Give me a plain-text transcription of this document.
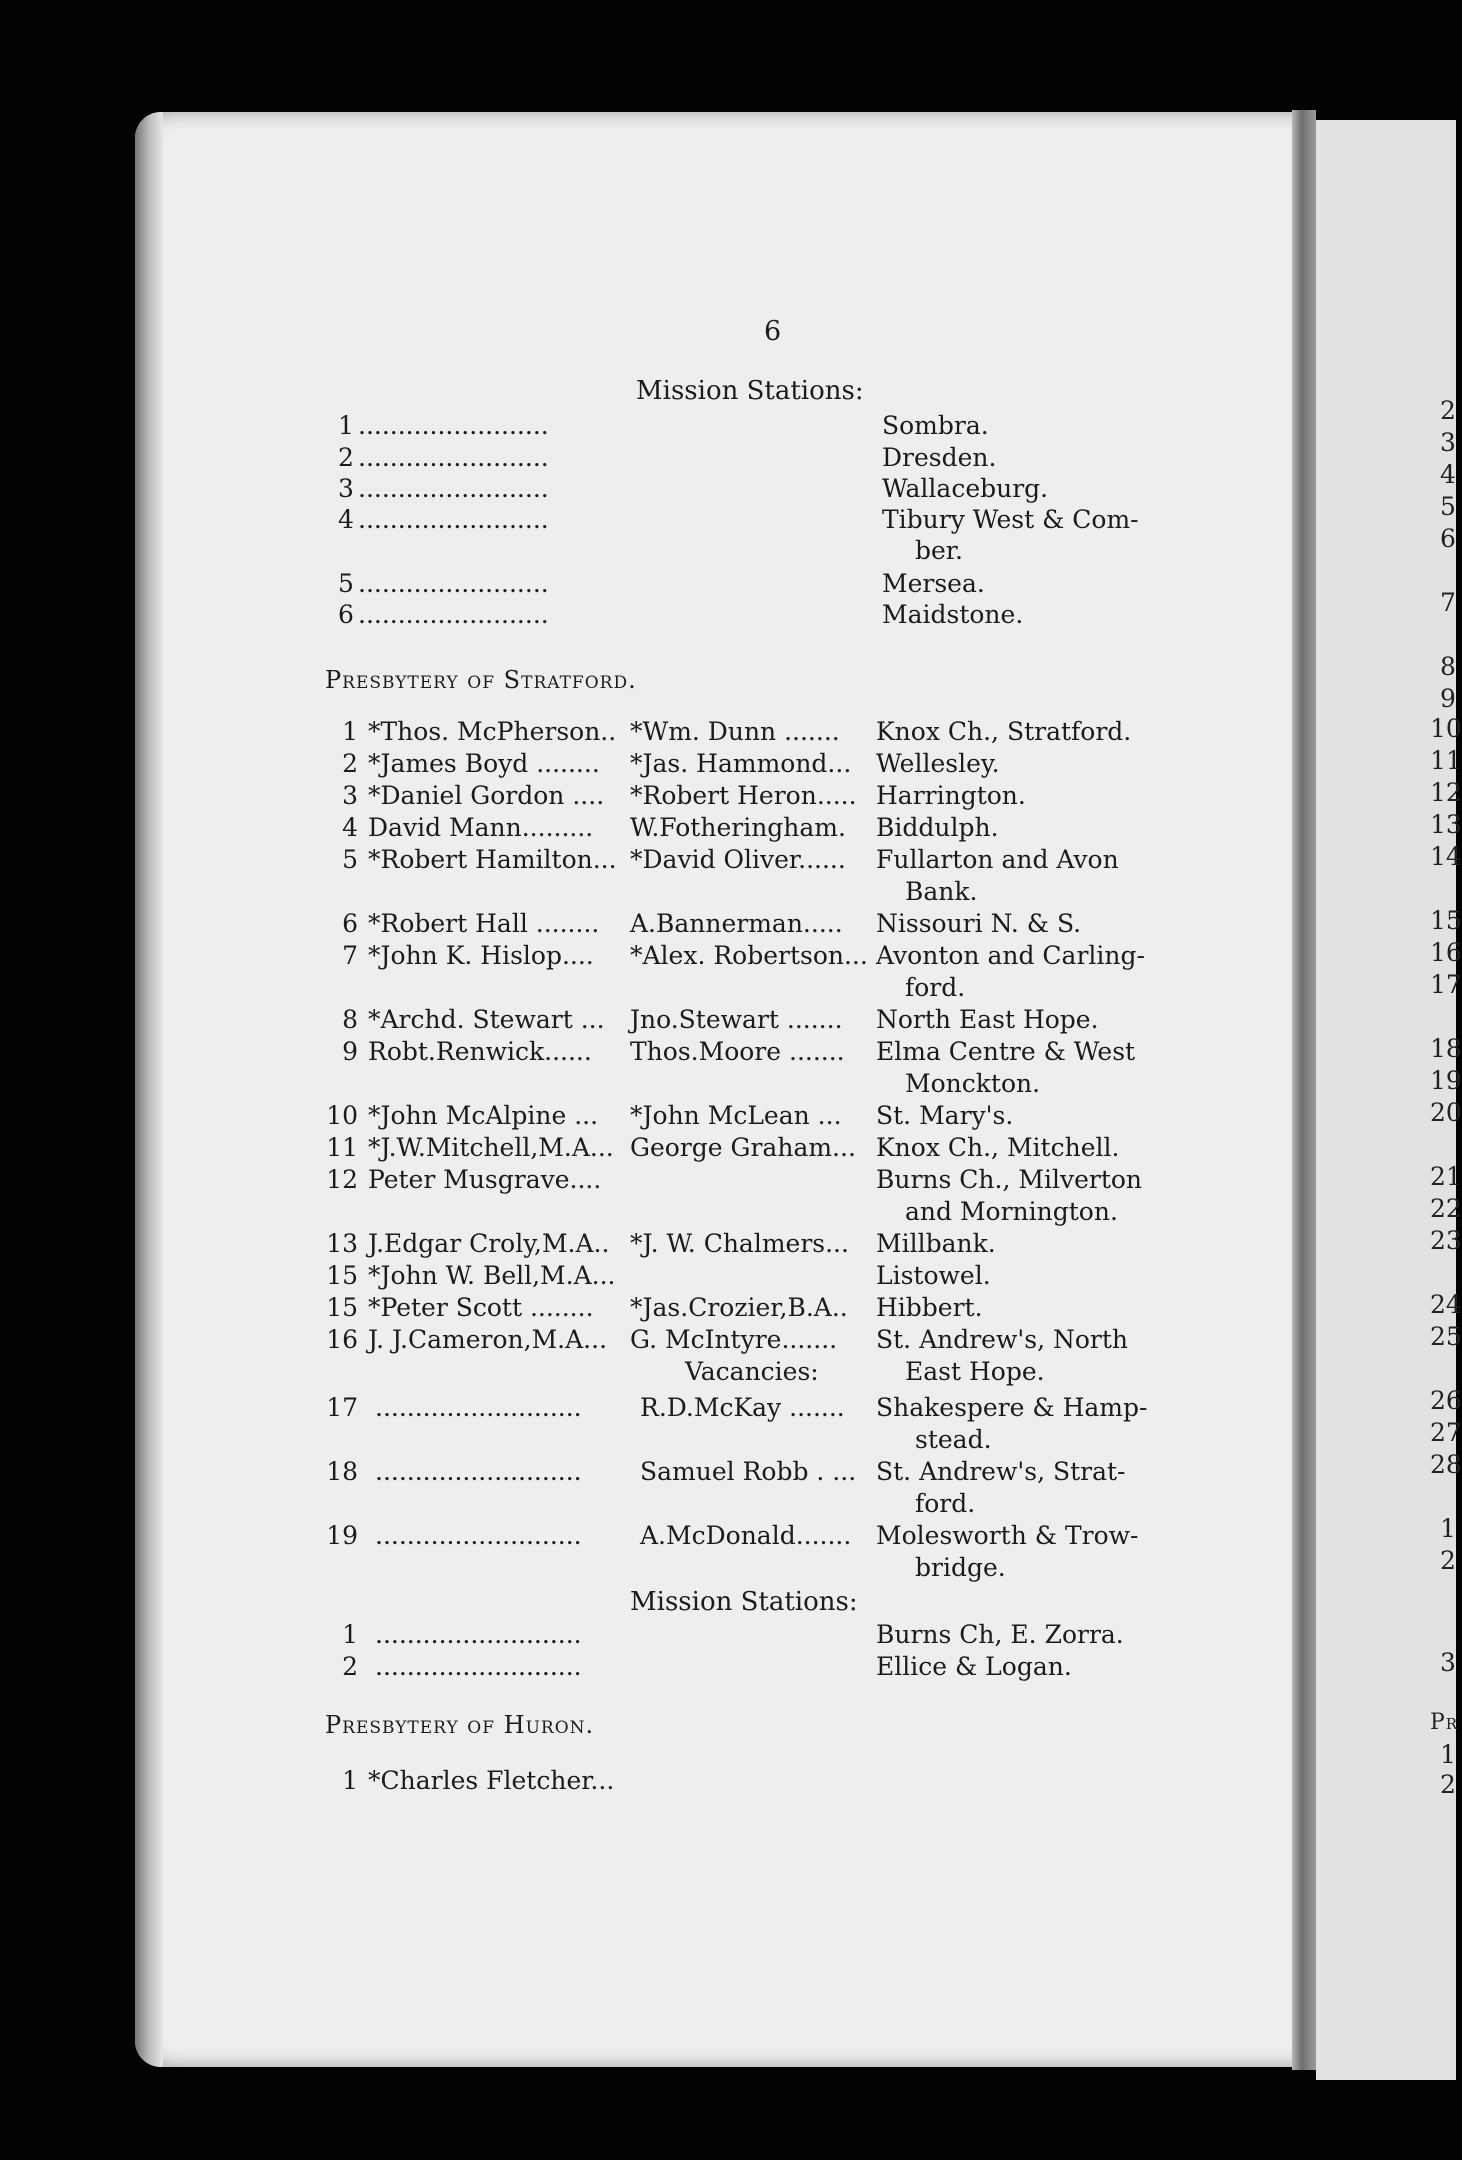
2
3
4
5
6
7
8
9
10
11
12
13
14
15
16
17
18
19
20
21
22
23
24
25
26
27
28
1
2
3
Pr
1
2
6
Mission Stations:
1 ........................	Sombra.
2 ........................	Dresden.
3 ........................	Wallaceburg.
4 ........................	Tibury West & Com-
ber.
5 ........................	Mersea.
6 ........................	Maidstone.
Presbytery of Stratford.
1 *Thos. McPherson.. *Wm. Dunn ....... Knox Ch., Stratford.
2 *James Boyd ........ *Jas. Hammond... Wellesley.
3 *Daniel Gordon .... *Robert Heron..... Harrington.
4 David Mann......... W.Fotheringham. Biddulph.
5 *Robert Hamilton... *David Oliver...... Fullarton and Avon
Bank.
6 *Robert Hall ........ A.Bannerman..... Nissouri N. & S.
7 *John K. Hislop.... *Alex. Robertson... Avonton and Carling-
ford.
8 *Archd. Stewart ... Jno.Stewart ....... North East Hope.
9 Robt.Renwick...... Thos.Moore ....... Elma Centre & West
Monckton.
10 *John McAlpine ... *John McLean ... St. Mary's.
11 *J.W.Mitchell,M.A... George Graham... Knox Ch., Mitchell.
12 Peter Musgrave....	Burns Ch., Milverton
and Mornington.
13 J.Edgar Croly,M.A.. *J. W. Chalmers... Millbank.
15 *John W. Bell,M.A...	Listowel.
15 *Peter Scott ........ *Jas.Crozier,B.A.. Hibbert.
16 J. J.Cameron,M.A... G. McIntyre....... St. Andrew's, North
East Hope.
Vacancies:
17 .......................... R.D.McKay ....... Shakespere & Hamp-
stead.
18 .......................... Samuel Robb . ... St. Andrew's, Strat-
ford.
19 .......................... A.McDonald....... Molesworth & Trow-
bridge.
Mission Stations:
1 ..........................	Burns Ch, E. Zorra.
2 ..........................	Ellice & Logan.
Presbytery of Huron.
1 *Charles Fletcher...
